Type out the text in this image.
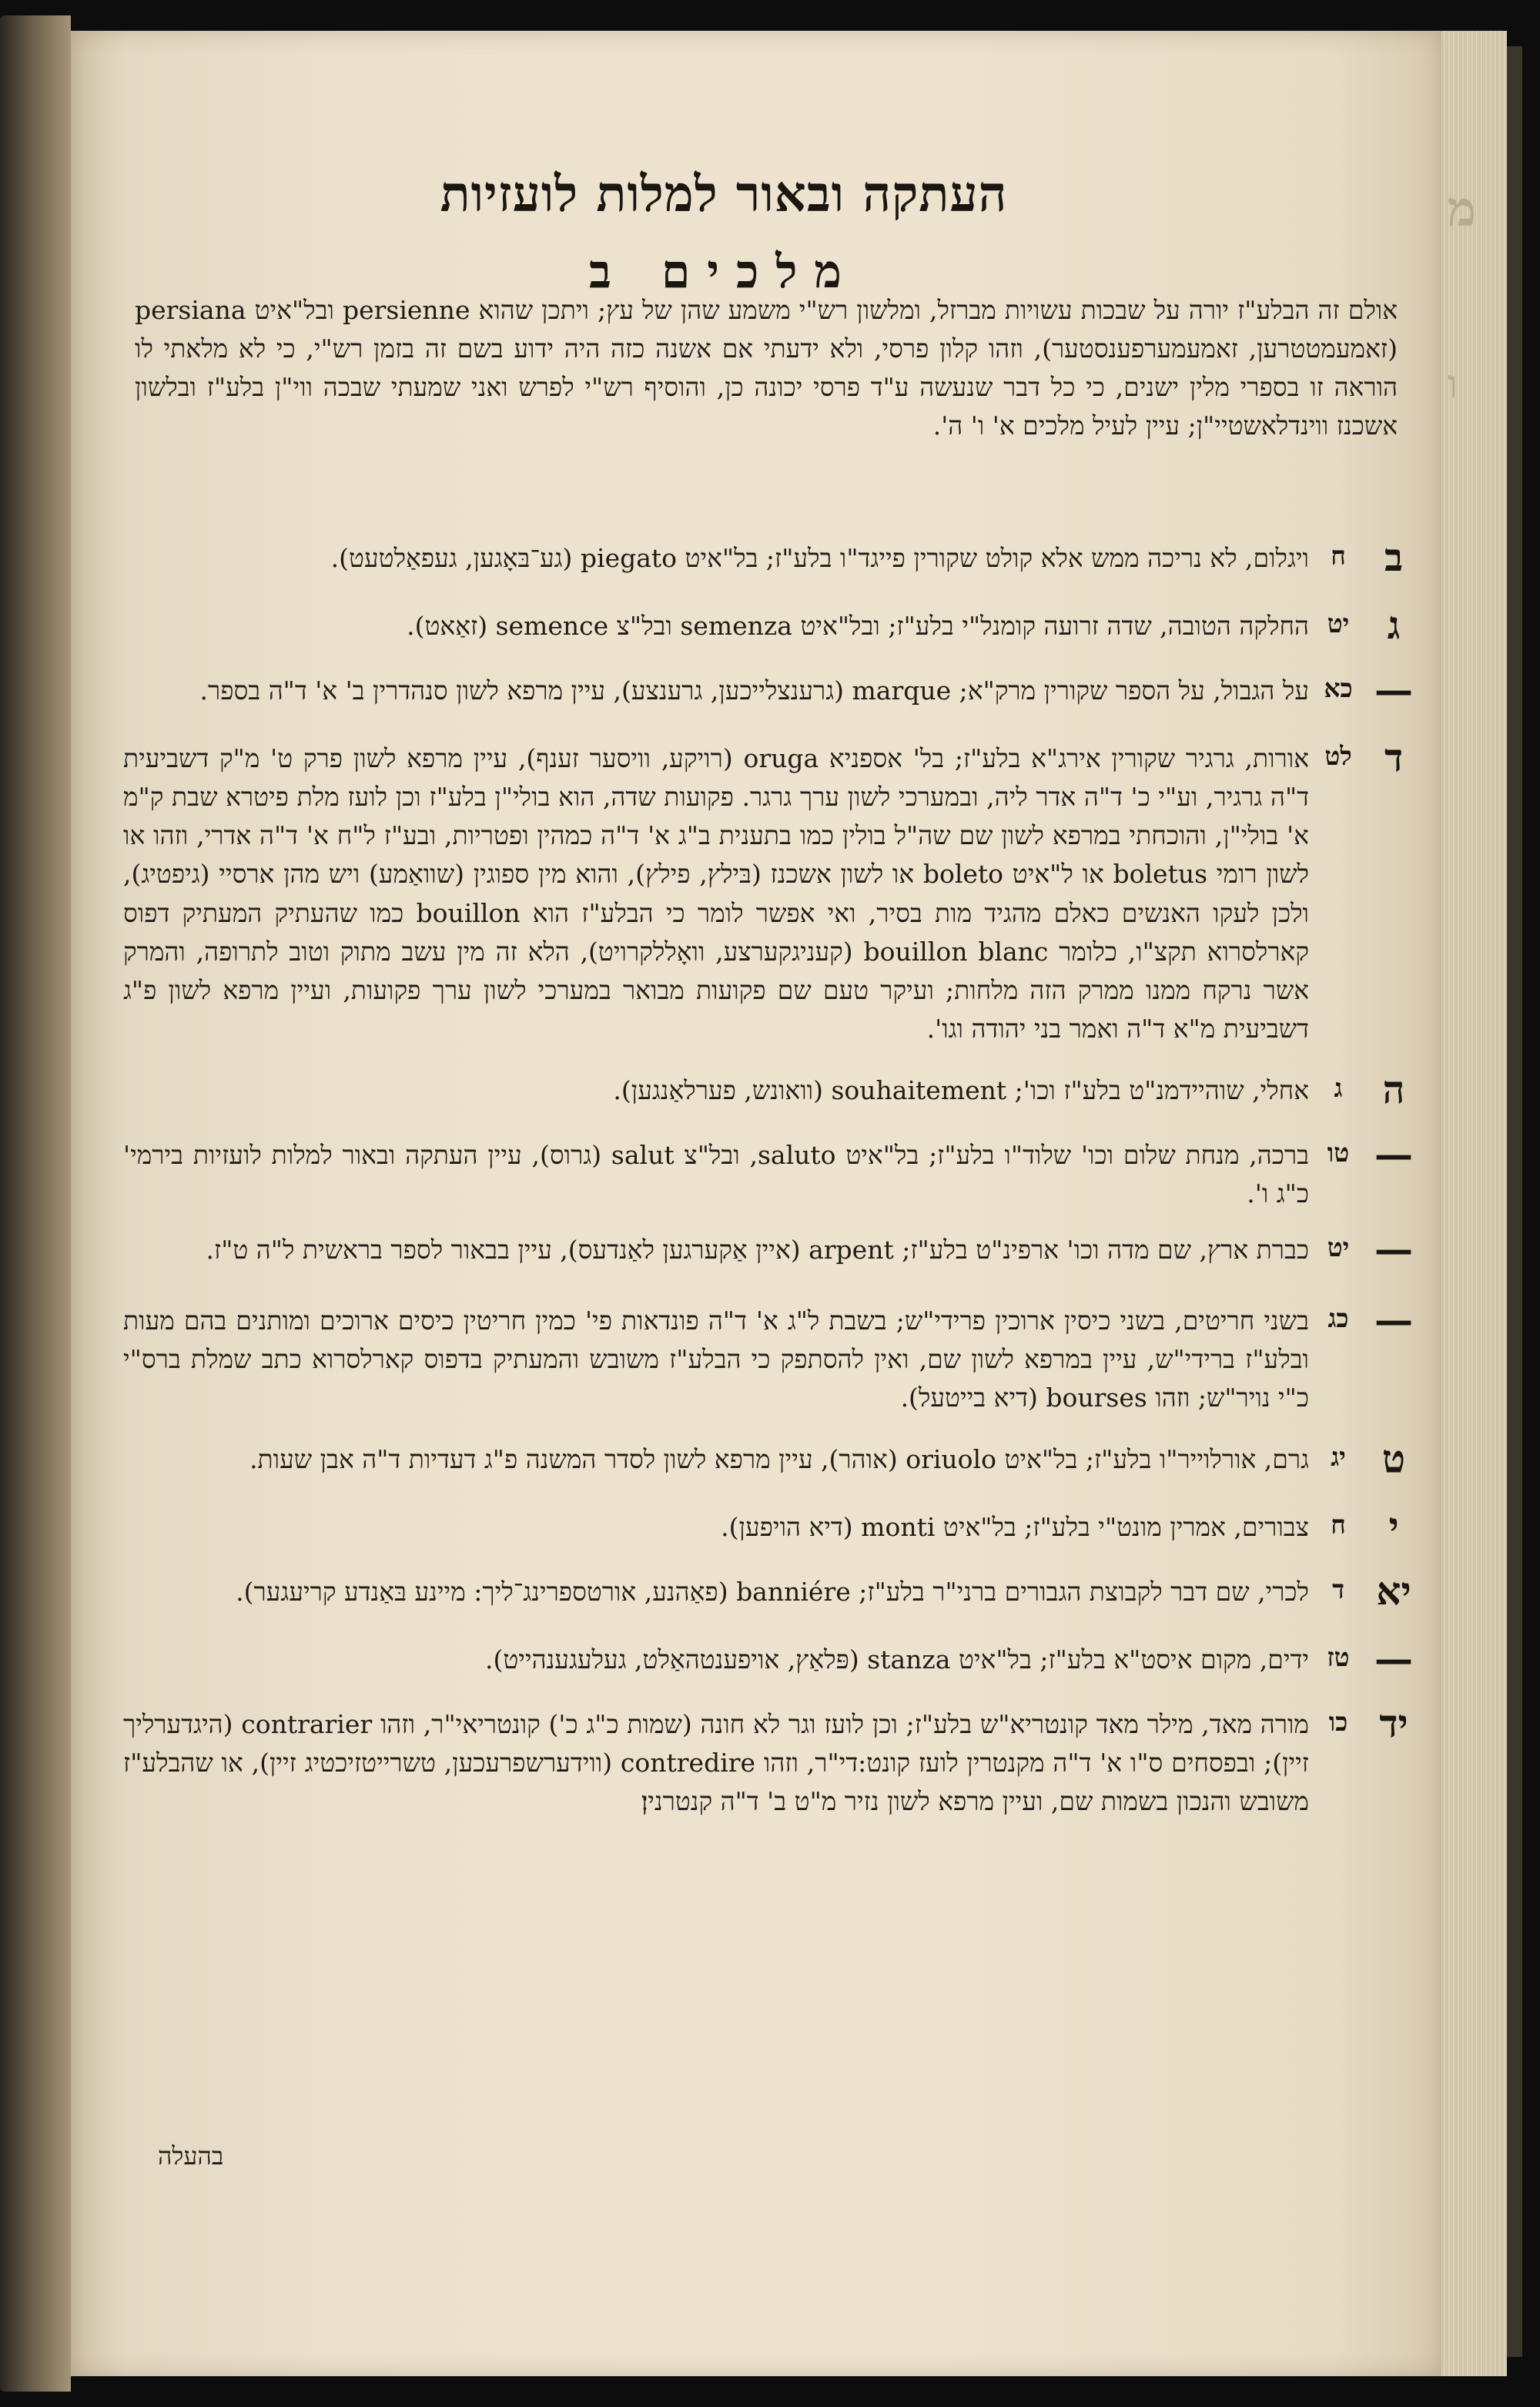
מ
ו
העתקה ובאור למלות לועזיות
מלכים ב
אולם זה הבלע"ז יורה על שבכות עשויות מברזל, ומלשון רש"י משמע שהן של עץ; ויתכן שהוא persienne ובל"איט persiana (זאמעמטטרען, זאמעמערפענסטער), וזהו קלון פרסי, ולא ידעתי אם אשנה כזה היה ידוע בשם זה בזמן רש"י, כי לא מלאתי לו הוראה זו בספרי מלין ישנים, כי כל דבר שנעשה ע"ד פרסי יכונה כן, והוסיף רש"י לפרש ואני שמעתי שבכה ווי"ן בלע"ז ובלשון אשכנז ווינדלאשטיי"ן; עיין לעיל מלכים א' ו' ה'.
ב
ח
ויגלום, לא נריכה ממש אלא קולט שקורין פייגד"ו בלע"ז; בל"איט piegato (גע־בּאָגען, געפאַלטעט).
ג
יט
החלקה הטובה, שדה זרועה קומנל"י בלע"ז; ובל"איט semenza ובל"צ semence (זאַאט).
—
כא
על הגבול, על הספר שקורין מרק"א; marque (גרענצלייכען, גרענצע), עיין מרפא לשון סנהדרין ב' א' ד"ה בספר.
ד
לט
אורות, גרגיר שקורין אירג"א בלע"ז; בל' אספניא oruga (רויקע, וויסער זענף), עיין מרפא לשון פרק ט' מ"ק דשביעית ד"ה גרגיר, וע"י כ' ד"ה אדר ליה, ובמערכי לשון ערך גרגר. פקועות שדה, הוא בולי"ן בלע"ז וכן לועז מלת פיטרא שבת ק"מ א' בולי"ן, והוכחתי במרפא לשון שם שה"ל בולין כמו בתענית ב"ג א' ד"ה כמהין ופטריות, ובע"ז ל"ח א' ד"ה אדרי, וזהו או לשון רומי boletus או ל"איט boleto או לשון אשכנז (בּילץ, פילץ), והוא מין ספוגין (שוואַמע) ויש מהן ארסיי (גיפטיג), ולכן לעקו האנשים כאלם מהגיד מות בסיר, ואי אפשר לומר כי הבלע"ז הוא bouillon כמו שהעתיק המעתיק דפוס קארלסרוא תקצ"ו, כלומר bouillon blanc (קעניגקערצע, וואָללקרויט), הלא זה מין עשב מתוק וטוב לתרופה, והמרק אשר נרקח ממנו ממרק הזה מלחות; ועיקר טעם שם פקועות מבואר במערכי לשון ערך פקועות, ועיין מרפא לשון פ"ג דשביעית מ"א ד"ה ואמר בני יהודה וגו'.
ה
ג
אחלי, שוהיידמנ"ט בלע"ז וכו'; souhaitement (וואונש, פערלאַנגען).
—
טו
ברכה, מנחת שלום וכו' שלוד"ו בלע"ז; בל"איט saluto, ובל"צ salut (גרוס), עיין העתקה ובאור למלות לועזיות בירמי' כ"ג ו'.
—
יט
כברת ארץ, שם מדה וכו' ארפינ"ט בלע"ז; arpent (איין אַקערגען לאַנדעס), עיין בבאור לספר בראשית ל"ה ט"ז.
—
כג
בשני חריטים, בשני כיסין ארוכין פרידי"ש; בשבת ל"ג א' ד"ה פונדאות פי' כמין חריטין כיסים ארוכים ומותנים בהם מעות ובלע"ז ברידי"ש, עיין במרפא לשון שם, ואין להסתפק כי הבלע"ז משובש והמעתיק בדפוס קארלסרוא כתב שמלת ברס"י כ"י נויר"ש; וזהו bourses (דיא בייטעל).
ט
יג
גרם, אורלוייר"ו בלע"ז; בל"איט oriuolo (אוהר), עיין מרפא לשון לסדר המשנה פ"ג דעדיות ד"ה אבן שעות.
י
ח
צבורים, אמרין מונט"י בלע"ז; בל"איט monti (דיא הויפען).
יא
ד
לכרי, שם דבר לקבוצת הגבורים ברני"ר בלע"ז; banniére (פאַהנע, אורטספרינג־ליך: מיינע בּאַנדע קריעגער).
—
טז
ידים, מקום איסט"א בלע"ז; בל"איט stanza (פּלאַץ, אויפענטהאַלט, געלעגענהייט).
יד
כו
מורה מאד, מילר מאד קונטריא"ש בלע"ז; וכן לועז וגר לא חונה (שמות כ"ג כ') קונטריאי"ר, וזהו contrarier (היגדערליך זיין); ובפסחים ס"ו א' ד"ה מקנטרין לועז קונט:די"ר, וזהו contredire (ווידערשפרעכען, טשרייטזיכטיג זיין), או שהבלע"ז משובש והנכון בשמות שם, ועיין מרפא לשון נזיר מ"ט ב' ד"ה קנטרנין׃
בהעלה
